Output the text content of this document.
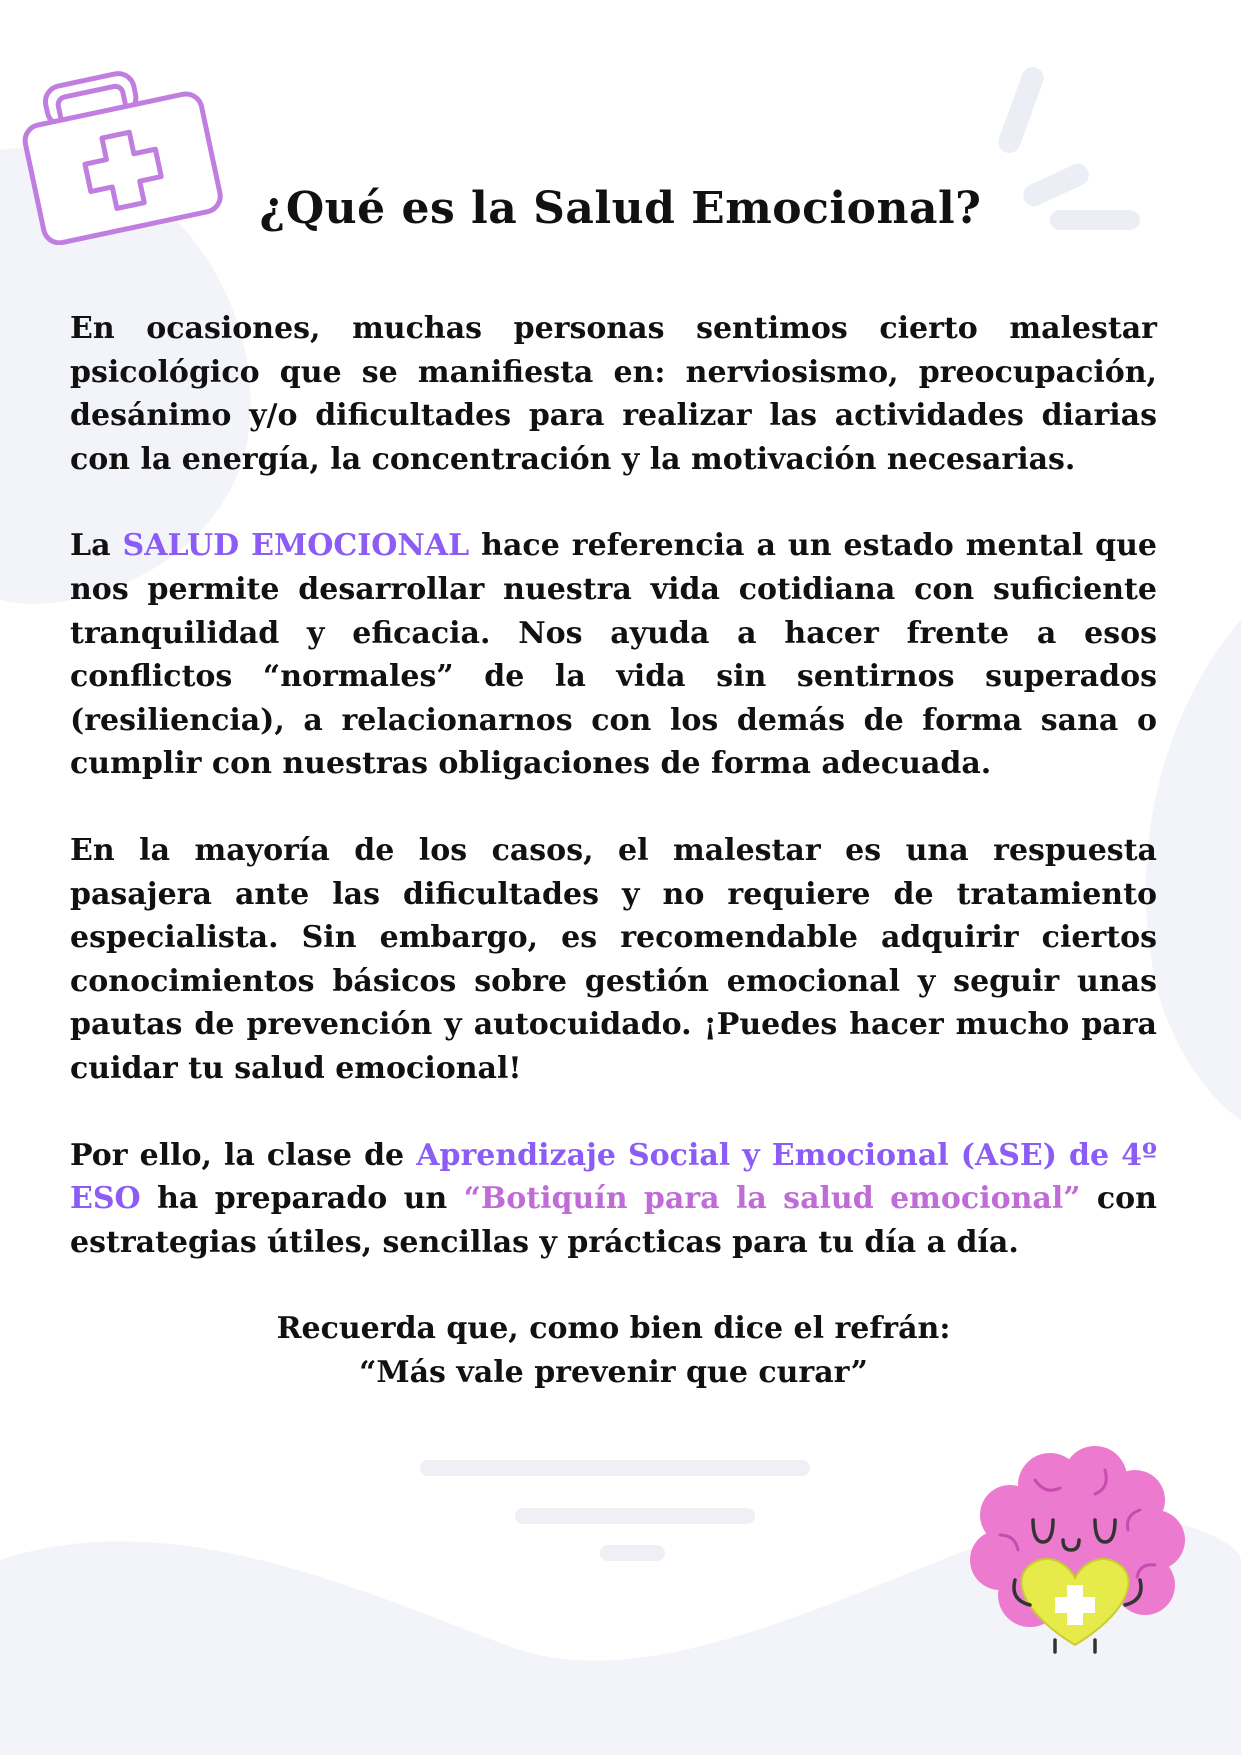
¿Qué es la Salud Emocional?

En ocasiones, muchas personas sentimos cierto malestar psicológico que se manifiesta en: nerviosismo, preocupación, desánimo y/o dificultades para realizar las actividades diarias con la energía, la concentración y la motivación necesarias.

La SALUD EMOCIONAL hace referencia a un estado mental que nos permite desarrollar nuestra vida cotidiana con suficiente tranquilidad y eficacia. Nos ayuda a hacer frente a esos conflictos “normales” de la vida sin sentirnos superados (resiliencia), a relacionarnos con los demás de forma sana o cumplir con nuestras obligaciones de forma adecuada.

En la mayoría de los casos, el malestar es una respuesta pasajera ante las dificultades y no requiere de tratamiento especialista. Sin embargo, es recomendable adquirir ciertos conocimientos básicos sobre gestión emocional y seguir unas pautas de prevención y autocuidado. ¡Puedes hacer mucho para cuidar tu salud emocional!

Por ello, la clase de Aprendizaje Social y Emocional (ASE) de 4º ESO ha preparado un “Botiquín para la salud emocional” con estrategias útiles, sencillas y prácticas para tu día a día.

Recuerda que, como bien dice el refrán:
“Más vale prevenir que curar”
